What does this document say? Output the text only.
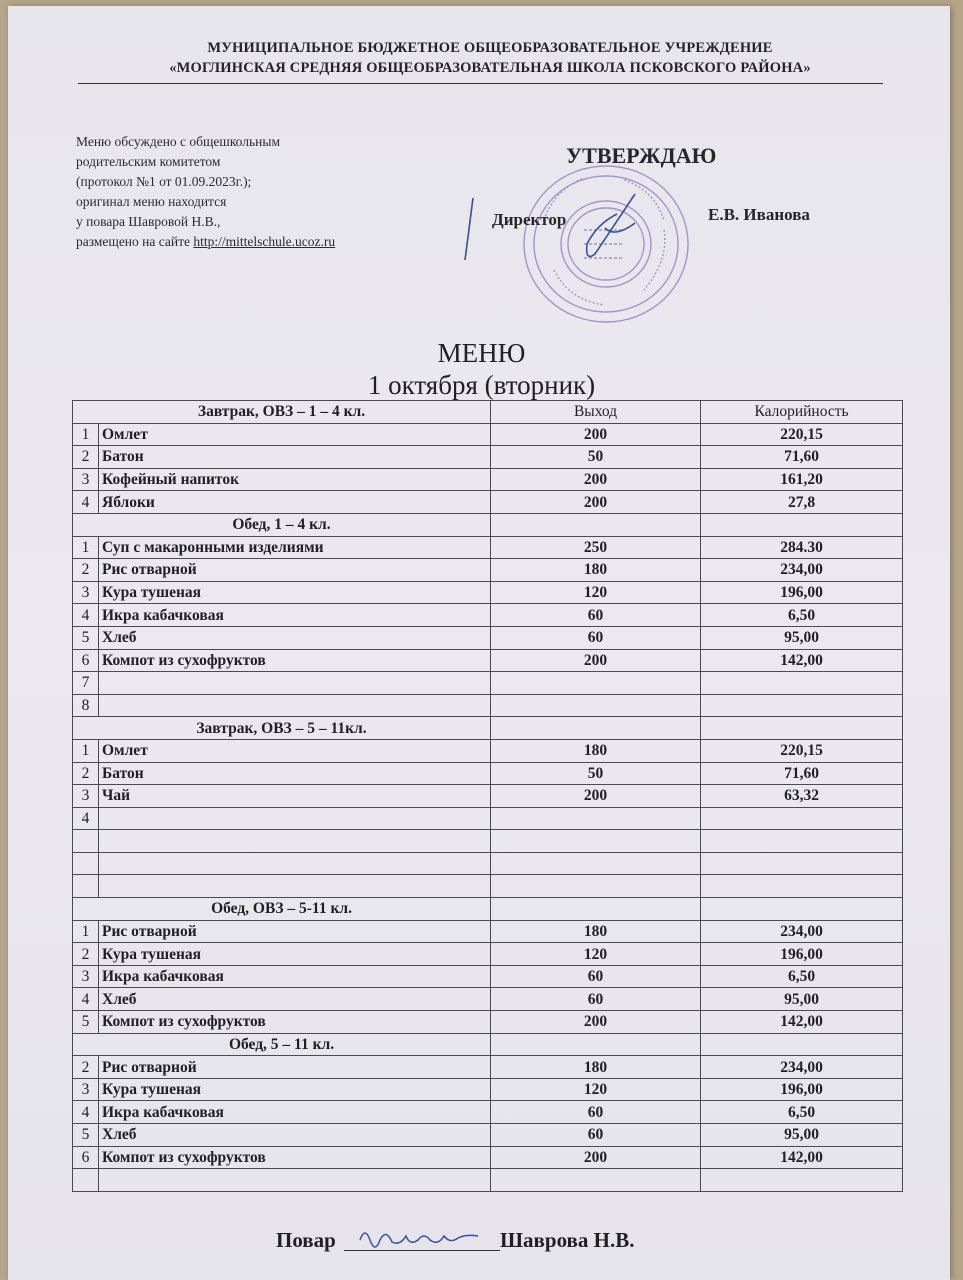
МУНИЦИПАЛЬНОЕ БЮДЖЕТНОЕ ОБЩЕОБРАЗОВАТЕЛЬНОЕ УЧРЕЖДЕНИЕ
«МОГЛИНСКАЯ СРЕДНЯЯ ОБЩЕОБРАЗОВАТЕЛЬНАЯ ШКОЛА ПСКОВСКОГО РАЙОНА»
Меню обсуждено с общешкольным
родительским комитетом
(протокол №1 от 01.09.2023г.);
оригинал меню находится
у повара Шавровой Н.В.,
размещено на сайте http://mittelschule.ucoz.ru
УТВЕРЖДАЮ
Директор	Е.В. Иванова
МЕНЮ
1 октября (вторник)
Завтрак, ОВЗ – 1 – 4 кл.		Выход	Калорийность
1	Омлет	200	220,15
2	Батон	50	71,60
3	Кофейный напиток	200	161,20
4	Яблоки	200	27,8
Обед, 1 – 4 кл.			
1	Суп с макаронными изделиями	250	284.30
2	Рис отварной	180	234,00
3	Кура тушеная	120	196,00
4	Икра кабачковая	60	6,50
5	Хлеб	60	95,00
6	Компот из сухофруктов	200	142,00
7			
8			
Завтрак, ОВЗ – 5 – 11кл.			
1	Омлет	180	220,15
2	Батон	50	71,60
3	Чай	200	63,32
4			

Обед, ОВЗ – 5-11 кл.			
1	Рис отварной	180	234,00
2	Кура тушеная	120	196,00
3	Икра кабачковая	60	6,50
4	Хлеб	60	95,00
5	Компот из сухофруктов	200	142,00
Обед, 5 – 11 кл.			
2	Рис отварной	180	234,00
3	Кура тушеная	120	196,00
4	Икра кабачковая	60	6,50
5	Хлеб	60	95,00
6	Компот из сухофруктов	200	142,00

Повар	Шаврова Н.В.
